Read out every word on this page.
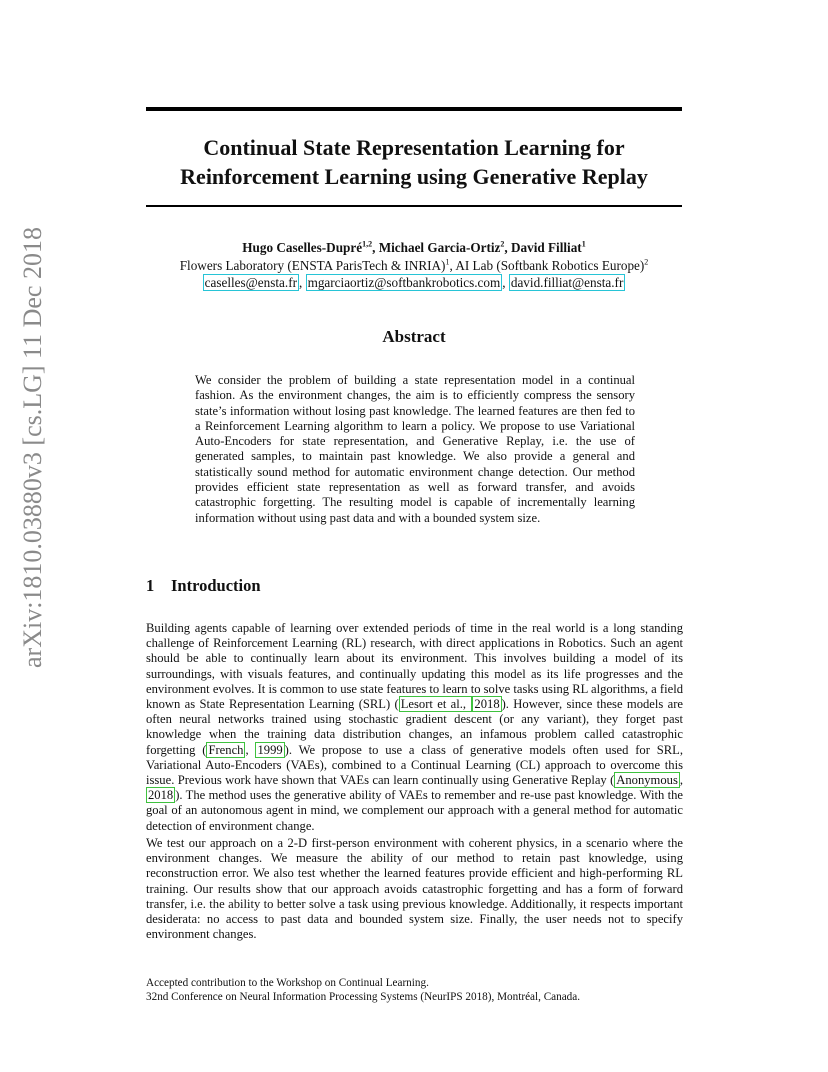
arXiv:1810.03880v3 [cs.LG] 11 Dec 2018
Continual State Representation Learning for
Reinforcement Learning using Generative Replay
Hugo Caselles-Dupré$^{1,2}$, Michael Garcia-Ortiz$^2$, David Filliat$^1$
Flowers Laboratory (ENSTA ParisTech & INRIA)$^1$, AI Lab (Softbank Robotics Europe)$^2$
caselles@ensta.fr , mgarciaortiz@softbankrobotics.com , david.filliat@ensta.fr
Abstract
We consider the problem of building a state representation model in a continual fashion. As the environment changes, the aim is to efficiently compress the sensory state’s information without losing past knowledge. The learned features are then fed to a Reinforcement Learning algorithm to learn a policy. We propose to use Variational Auto-Encoders for state representation, and Generative Replay, i.e. the use of generated samples, to maintain past knowledge. We also provide a general and statistically sound method for automatic environment change detection. Our method provides efficient state representation as well as forward transfer, and avoids catastrophic forgetting. The resulting model is capable of incrementally learning information without using past data and with a bounded system size.
1 Introduction
Building agents capable of learning over extended periods of time in the real world is a long standing challenge of Reinforcement Learning (RL) research, with direct applications in Robotics. Such an agent should be able to continually learn about its environment. This involves building a model of its surroundings, with visuals features, and continually updating this model as its life progresses and the environment evolves. It is common to use state features to learn to solve tasks using RL algorithms, a field known as State Representation Learning (SRL) ( Lesort et al., 2018 ). However, since these models are often neural networks trained using stochastic gradient descent (or any variant), they forget past knowledge when the training data distribution changes, an infamous problem called catastrophic forgetting ( French , 1999 ). We propose to use a class of generative models often used for SRL, Variational Auto-Encoders (VAEs), combined to a Continual Learning (CL) approach to overcome this issue. Previous work have shown that VAEs can learn continually using Generative Replay ( Anonymous , 2018 ). The method uses the generative ability of VAEs to remember and re-use past knowledge. With the goal of an autonomous agent in mind, we complement our approach with a general method for automatic detection of environment change.
We test our approach on a 2-D first-person environment with coherent physics, in a scenario where the environment changes. We measure the ability of our method to retain past knowledge, using reconstruction error. We also test whether the learned features provide efficient and high-performing RL training. Our results show that our approach avoids catastrophic forgetting and has a form of forward transfer, i.e. the ability to better solve a task using previous knowledge. Additionally, it respects important desiderata: no access to past data and bounded system size. Finally, the user needs not to specify environment changes.
Accepted contribution to the Workshop on Continual Learning.
32nd Conference on Neural Information Processing Systems (NeurIPS 2018), Montréal, Canada.
